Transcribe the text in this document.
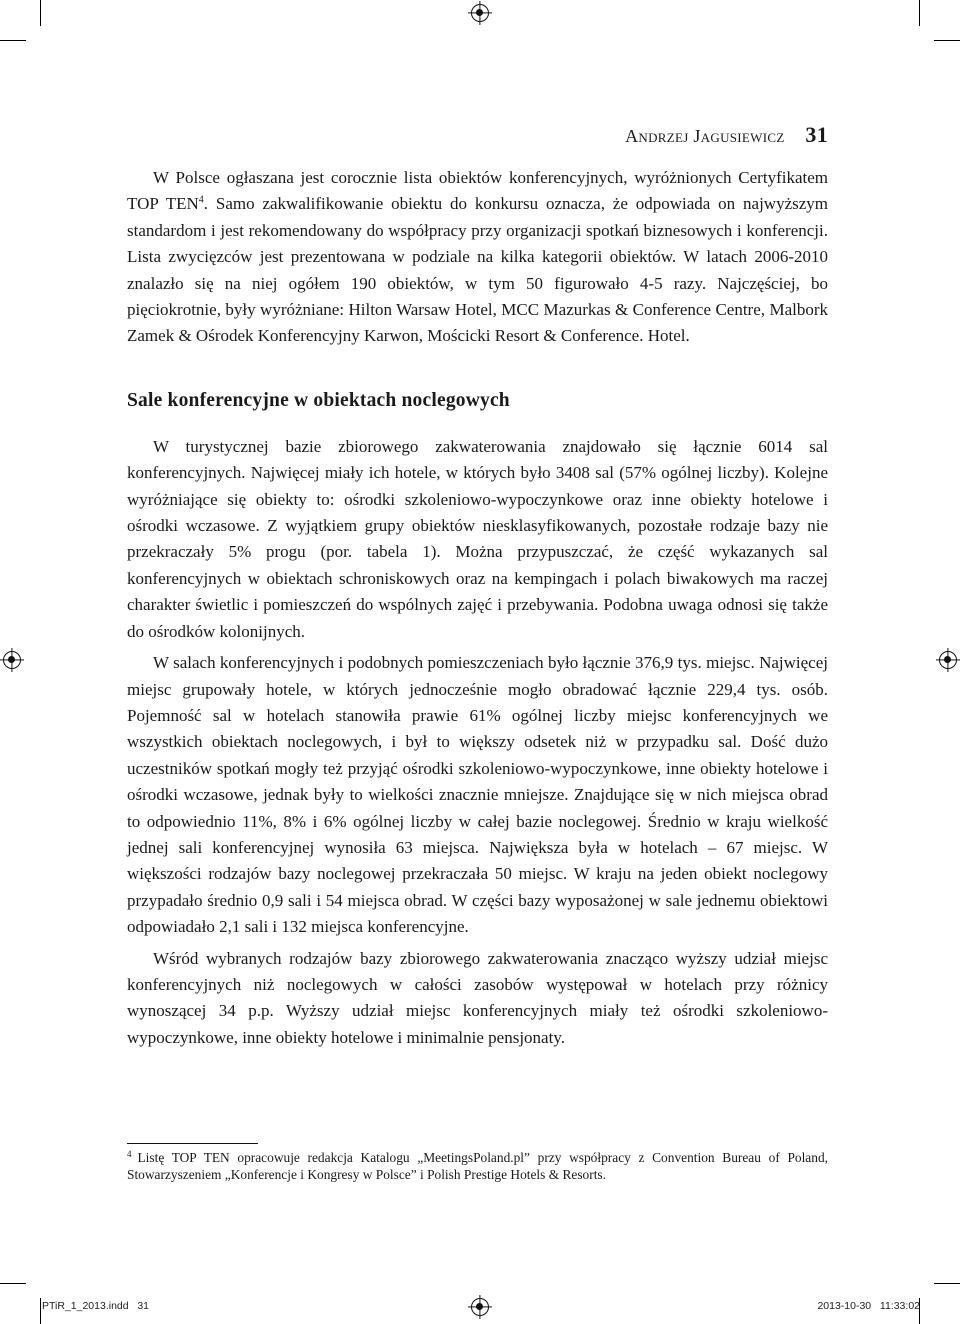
Andrzej Jagusiewicz 31

W Polsce ogłaszana jest corocznie lista obiektów konferencyjnych, wyróżnionych Certyfikatem TOP TEN$^4$. Samo zakwalifikowanie obiektu do konkursu oznacza, że odpowiada on najwyższym standardom i jest rekomendowany do współpracy przy organizacji spotkań biznesowych i konferencji. Lista zwycięzców jest prezentowana w podziale na kilka kategorii obiektów. W latach 2006-2010 znalazło się na niej ogółem 190 obiektów, w tym 50 figurowało 4-5 razy. Najczęściej, bo pięciokrotnie, były wyróżniane: Hilton Warsaw Hotel, MCC Mazurkas & Conference Centre, Malbork Zamek & Ośrodek Konferencyjny Karwon, Mościcki Resort & Conference. Hotel.

Sale konferencyjne w obiektach noclegowych

W turystycznej bazie zbiorowego zakwaterowania znajdowało się łącznie 6014 sal konferencyjnych. Najwięcej miały ich hotele, w których było 3408 sal (57% ogólnej liczby). Kolejne wyróżniające się obiekty to: ośrodki szkoleniowo-wypoczynkowe oraz inne obiekty hotelowe i ośrodki wczasowe. Z wyjątkiem grupy obiektów niesklasyfikowanych, pozostałe rodzaje bazy nie przekraczały 5% progu (por. tabela 1). Można przypuszczać, że część wykazanych sal konferencyjnych w obiektach schroniskowych oraz na kempingach i polach biwakowych ma raczej charakter świetlic i pomieszczeń do wspólnych zajęć i przebywania. Podobna uwaga odnosi się także do ośrodków kolonijnych.

W salach konferencyjnych i podobnych pomieszczeniach było łącznie 376,9 tys. miejsc. Najwięcej miejsc grupowały hotele, w których jednocześnie mogło obradować łącznie 229,4 tys. osób. Pojemność sal w hotelach stanowiła prawie 61% ogólnej liczby miejsc konferencyjnych we wszystkich obiektach noclegowych, i był to większy odsetek niż w przypadku sal. Dość dużo uczestników spotkań mogły też przyjąć ośrodki szkoleniowo-wypoczynkowe, inne obiekty hotelowe i ośrodki wczasowe, jednak były to wielkości znacznie mniejsze. Znajdujące się w nich miejsca obrad to odpowiednio 11%, 8% i 6% ogólnej liczby w całej bazie noclegowej. Średnio w kraju wielkość jednej sali konferencyjnej wynosiła 63 miejsca. Największa była w hotelach – 67 miejsc. W większości rodzajów bazy noclegowej przekraczała 50 miejsc. W kraju na jeden obiekt noclegowy przypadało średnio 0,9 sali i 54 miejsca obrad. W części bazy wyposażonej w sale jednemu obiektowi odpowiadało 2,1 sali i 132 miejsca konferencyjne.

Wśród wybranych rodzajów bazy zbiorowego zakwaterowania znacząco wyższy udział miejsc konferencyjnych niż noclegowych w całości zasobów występował w hotelach przy różnicy wynoszącej 34 p.p. Wyższy udział miejsc konferencyjnych miały też ośrodki szkoleniowo-wypoczynkowe, inne obiekty hotelowe i minimalnie pensjonaty.

$^4$ Listę TOP TEN opracowuje redakcja Katalogu „MeetingsPoland.pl” przy współpracy z Convention Bureau of Poland, Stowarzyszeniem „Konferencje i Kongresy w Polsce” i Polish Prestige Hotels & Resorts.
PTiR_1_2013.indd   31	2013-10-30   11:33:02
